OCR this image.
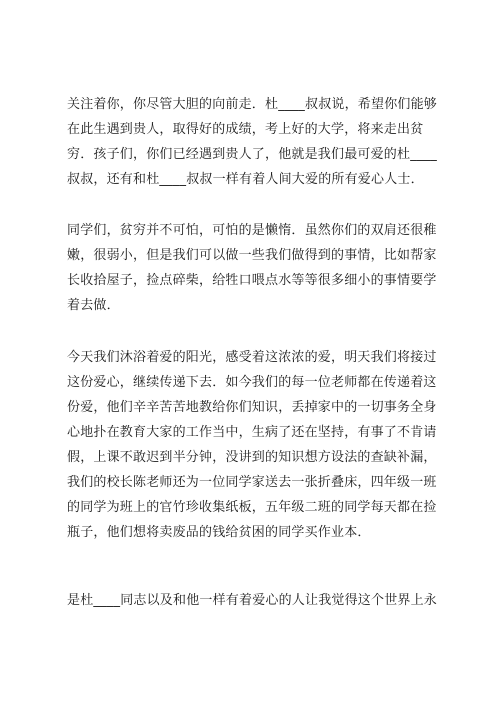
关注着你，你尽管大胆的向前走．杜____叔叔说，希望你们能够
在此生遇到贵人，取得好的成绩，考上好的大学，将来走出贫
穷．孩子们，你们已经遇到贵人了，他就是我们最可爱的杜____
叔叔，还有和杜____叔叔一样有着人间大爱的所有爱心人士．
同学们，贫穷并不可怕，可怕的是懒惰．虽然你们的双肩还很稚
嫩，很弱小，但是我们可以做一些我们做得到的事情，比如帮家
长收拾屋子，捡点碎柴，给牲口喂点水等等很多细小的事情要学
着去做．
今天我们沐浴着爱的阳光，感受着这浓浓的爱，明天我们将接过
这份爱心，继续传递下去．如今我们的每一位老师都在传递着这
份爱，他们辛辛苦苦地教给你们知识，丢掉家中的一切事务全身
心地扑在教育大家的工作当中，生病了还在坚持，有事了不肯请
假，上课不敢迟到半分钟，没讲到的知识想方设法的查缺补漏，
我们的校长陈老师还为一位同学家送去一张折叠床，四年级一班
的同学为班上的官竹珍收集纸板，五年级二班的同学每天都在捡
瓶子，他们想将卖废品的钱给贫困的同学买作业本．
是杜____同志以及和他一样有着爱心的人让我觉得这个世界上永
